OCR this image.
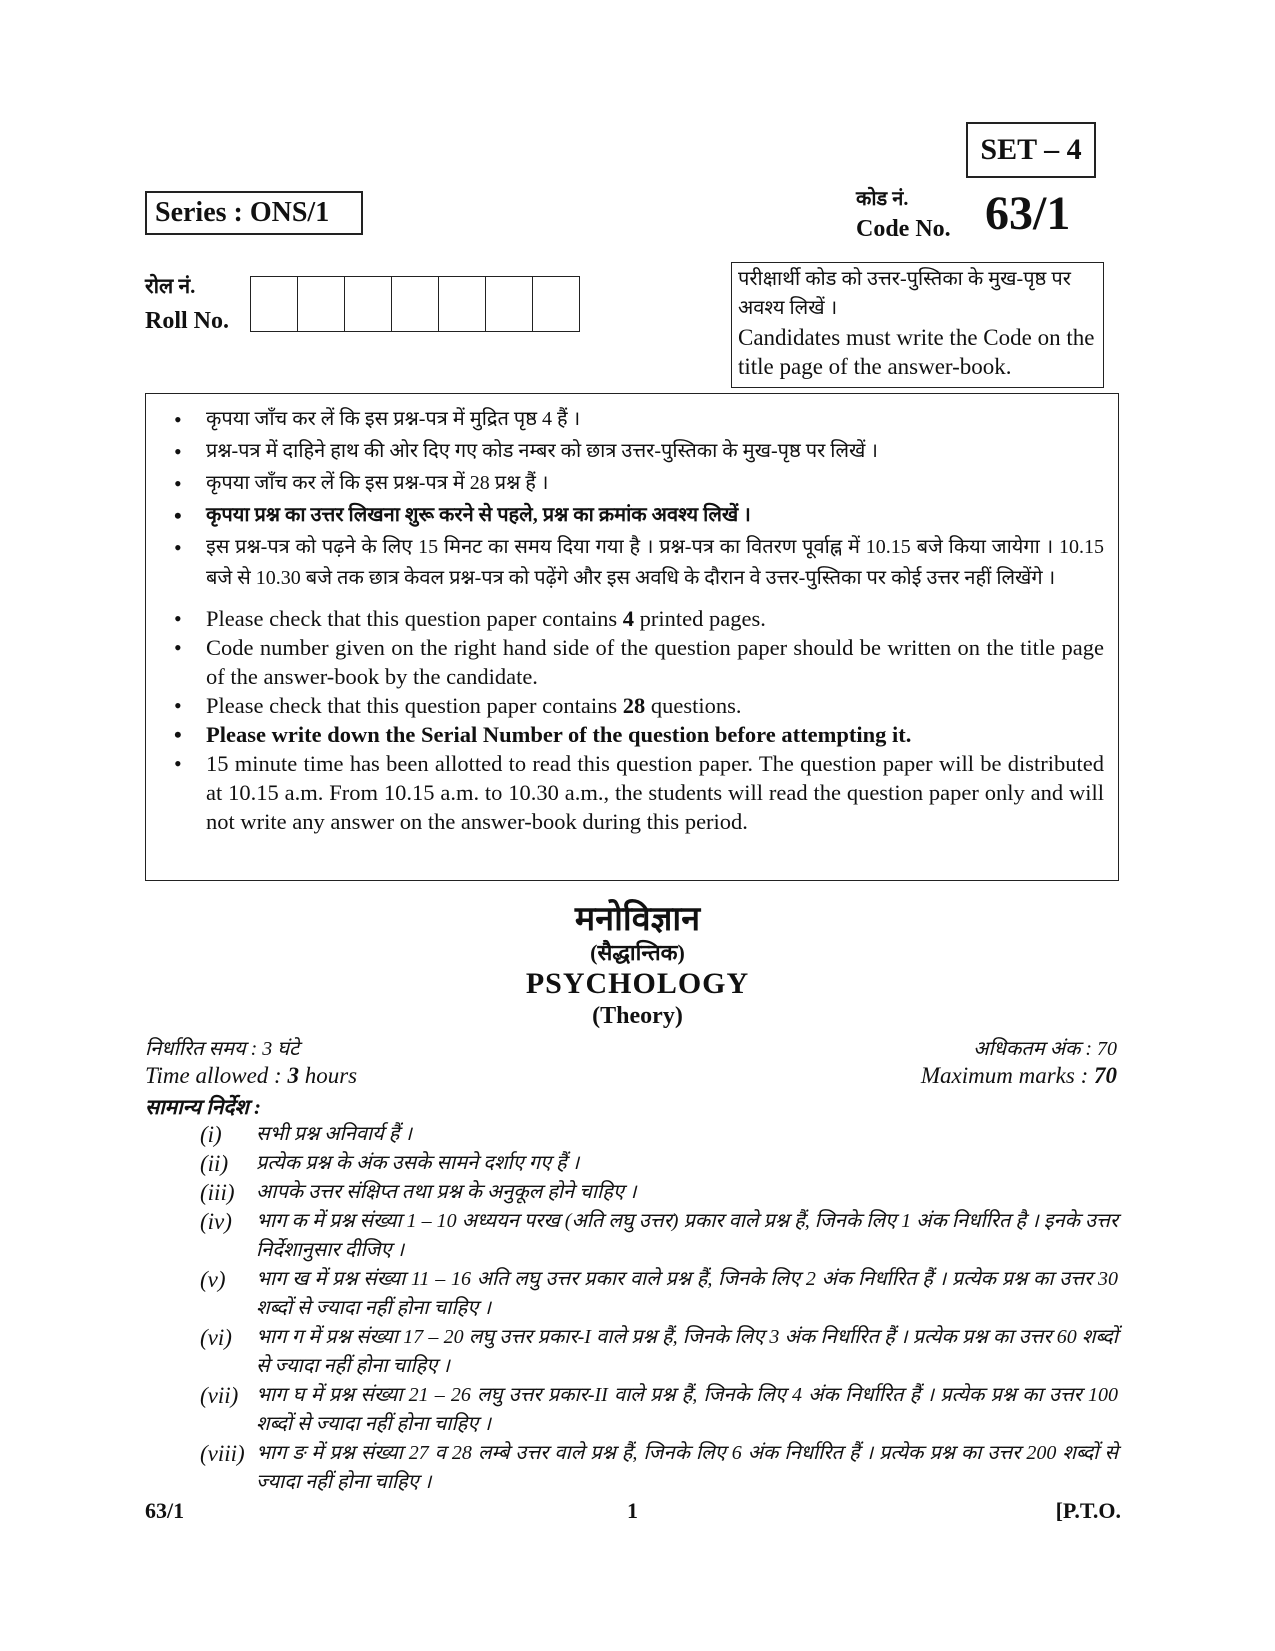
SET – 4
Series : ONS/1	कोड नं.
Code No. 63/1
रोल नं.
Roll No.

परीक्षार्थी कोड को उत्तर-पुस्तिका के मुख-पृष्ठ पर अवश्य लिखें ।

Candidates must write the Code on the title page of the answer-book.

• कृपया जाँच कर लें कि इस प्रश्न-पत्र में मुद्रित पृष्ठ 4 हैं ।
• प्रश्न-पत्र में दाहिने हाथ की ओर दिए गए कोड नम्बर को छात्र उत्तर-पुस्तिका के मुख-पृष्ठ पर लिखें ।
• कृपया जाँच कर लें कि इस प्रश्न-पत्र में 28 प्रश्न हैं ।
• कृपया प्रश्न का उत्तर लिखना शुरू करने से पहले, प्रश्न का क्रमांक अवश्य लिखें ।
• इस प्रश्न-पत्र को पढ़ने के लिए 15 मिनट का समय दिया गया है । प्रश्न-पत्र का वितरण पूर्वाह्न में 10.15 बजे किया जायेगा । 10.15 बजे से 10.30 बजे तक छात्र केवल प्रश्न-पत्र को पढ़ेंगे और इस अवधि के दौरान वे उत्तर-पुस्तिका पर कोई उत्तर नहीं लिखेंगे ।
• Please check that this question paper contains 4 printed pages.
• Code number given on the right hand side of the question paper should be written on the title page of the answer-book by the candidate.
• Please check that this question paper contains 28 questions.
• Please write down the Serial Number of the question before attempting it.
• 15 minute time has been allotted to read this question paper. The question paper will be distributed at 10.15 a.m. From 10.15 a.m. to 10.30 a.m., the students will read the question paper only and will not write any answer on the answer-book during this period.
मनोविज्ञान
(सैद्धान्तिक)
PSYCHOLOGY
(Theory)
निर्धारित समय : 3 घंटे
Time allowed : 3 hours
अधिकतम अंक : 70
Maximum marks : 70
सामान्य निर्देश :
(i)	सभी प्रश्न अनिवार्य हैं ।
(ii)	प्रत्येक प्रश्न के अंक उसके सामने दर्शाए गए हैं ।
(iii)	आपके उत्तर संक्षिप्त तथा प्रश्न के अनुकूल होने चाहिए ।
(iv)	भाग क में प्रश्न संख्या 1 – 10 अध्ययन परख (अति लघु उत्तर) प्रकार वाले प्रश्न हैं, जिनके लिए 1 अंक निर्धारित है । इनके उत्तर निर्देशानुसार दीजिए ।
(v)	भाग ख में प्रश्न संख्या 11 – 16 अति लघु उत्तर प्रकार वाले प्रश्न हैं, जिनके लिए 2 अंक निर्धारित हैं । प्रत्येक प्रश्न का उत्तर 30 शब्दों से ज्यादा नहीं होना चाहिए ।
(vi)	भाग ग में प्रश्न संख्या 17 – 20 लघु उत्तर प्रकार-I वाले प्रश्न हैं, जिनके लिए 3 अंक निर्धारित हैं । प्रत्येक प्रश्न का उत्तर 60 शब्दों से ज्यादा नहीं होना चाहिए ।
(vii) भाग घ में प्रश्न संख्या 21 – 26 लघु उत्तर प्रकार-II वाले प्रश्न हैं, जिनके लिए 4 अंक निर्धारित हैं । प्रत्येक प्रश्न का उत्तर 100 शब्दों से ज्यादा नहीं होना चाहिए ।
(viii) भाग ङ में प्रश्न संख्या 27 व 28 लम्बे उत्तर वाले प्रश्न हैं, जिनके लिए 6 अंक निर्धारित हैं । प्रत्येक प्रश्न का उत्तर 200 शब्दों से ज्यादा नहीं होना चाहिए ।
63/1	1	[P.T.O.
